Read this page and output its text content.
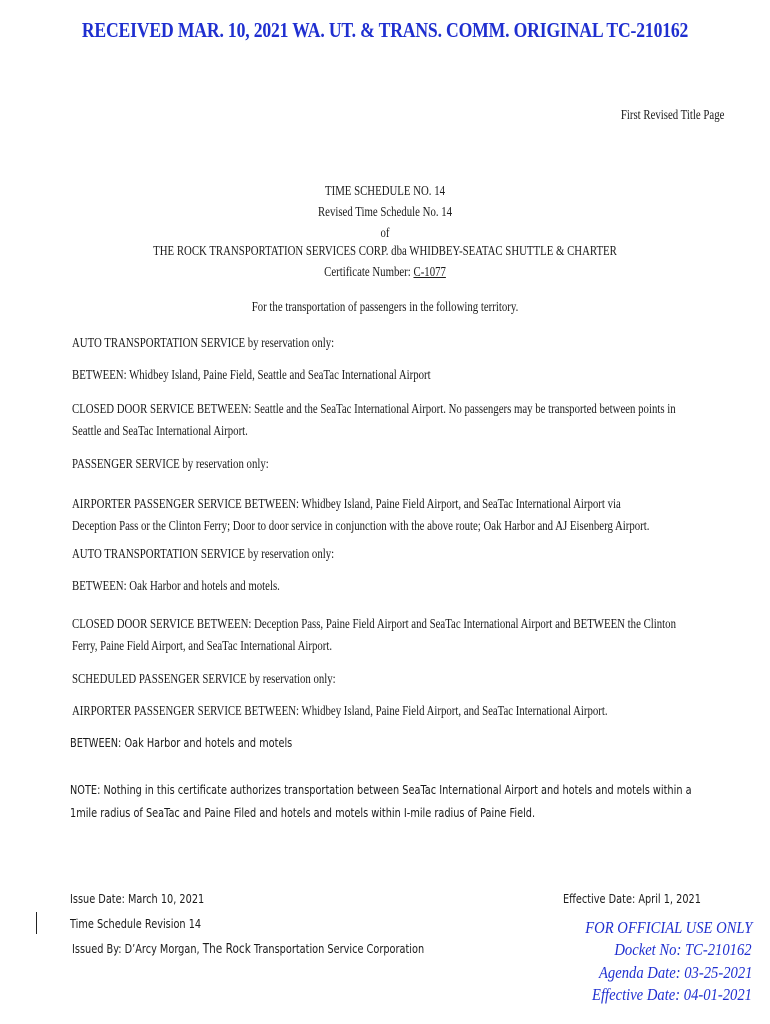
RECEIVED MAR. 10, 2021 WA. UT. & TRANS. COMM. ORIGINAL TC-210162
First Revised Title Page
TIME SCHEDULE NO. 14
Revised Time Schedule No. 14
of
THE ROCK TRANSPORTATION SERVICES CORP. dba WHIDBEY-SEATAC SHUTTLE & CHARTER
Certificate Number: C-1077
For the transportation of passengers in the following territory.
AUTO TRANSPORTATION SERVICE by reservation only:
BETWEEN: Whidbey Island, Paine Field, Seattle and SeaTac International Airport
CLOSED DOOR SERVICE BETWEEN: Seattle and the SeaTac International Airport. No passengers may be transported between points in Seattle and SeaTac International Airport.
PASSENGER SERVICE by reservation only:
AIRPORTER PASSENGER SERVICE BETWEEN: Whidbey Island, Paine Field Airport, and SeaTac International Airport via
Deception Pass or the Clinton Ferry; Door to door service in conjunction with the above route; Oak Harbor and AJ Eisenberg Airport.
AUTO TRANSPORTATION SERVICE by reservation only:
BETWEEN: Oak Harbor and hotels and motels.
CLOSED DOOR SERVICE BETWEEN: Deception Pass, Paine Field Airport and SeaTac International Airport and BETWEEN the Clinton Ferry, Paine Field Airport, and SeaTac International Airport.
SCHEDULED PASSENGER SERVICE by reservation only:
AIRPORTER PASSENGER SERVICE BETWEEN: Whidbey Island, Paine Field Airport, and SeaTac International Airport.
BETWEEN: Oak Harbor and hotels and motels
NOTE: Nothing in this certificate authorizes transportation between SeaTac International Airport and hotels and motels within a 1mile radius of SeaTac and Paine Filed and hotels and motels within I-mile radius of Paine Field.
Issue Date: March 10, 2021	Effective Date: April 1, 2021
Time Schedule Revision 14
Issued By: D’Arcy Morgan, The Rock Transportation Service Corporation
FOR OFFICIAL USE ONLY
Docket No: TC-210162
Agenda Date: 03-25-2021
Effective Date: 04-01-2021
